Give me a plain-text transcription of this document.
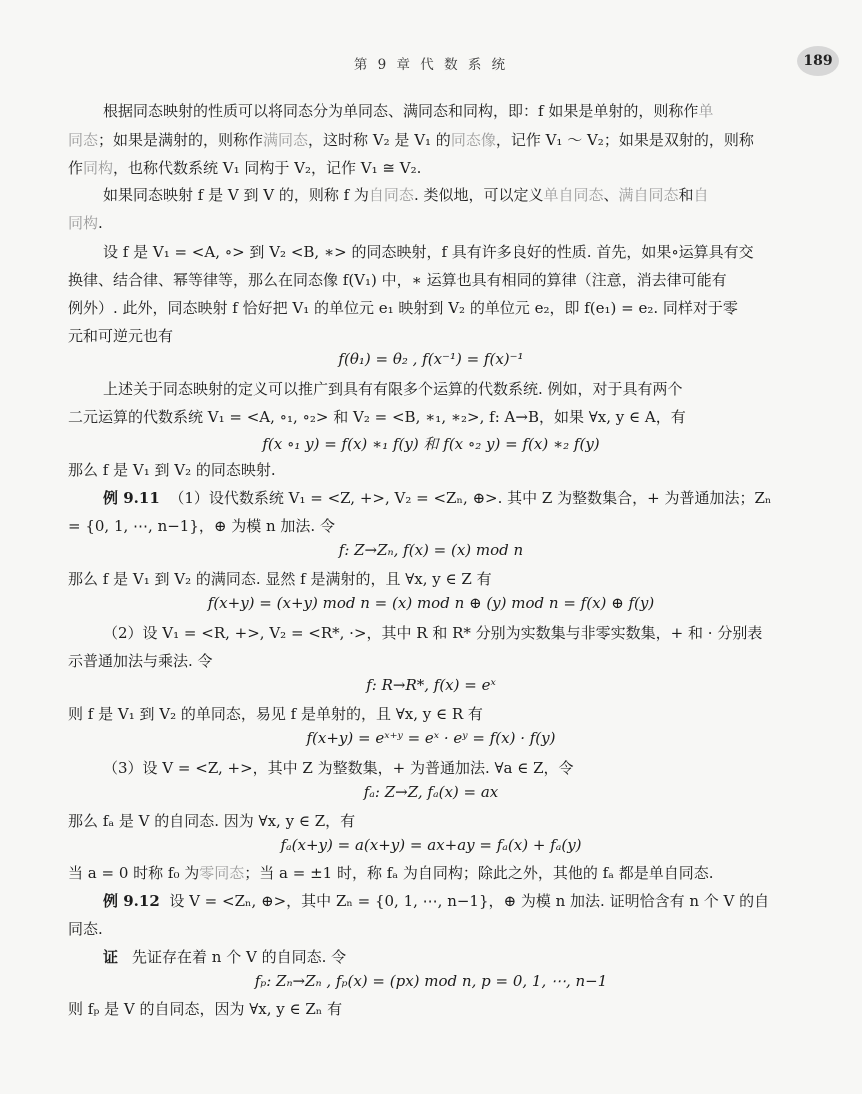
第 9 章 代 数 系 统	189
根据同态映射的性质可以将同态分为单同态、满同态和同构，即：f 如果是单射的，则称作单
同态；如果是满射的，则称作满同态，这时称 V₂ 是 V₁ 的同态像，记作 V₁ ～ V₂；如果是双射的，则称
作同构，也称代数系统 V₁ 同构于 V₂，记作 V₁ ≅ V₂.
如果同态映射 f 是 V 到 V 的，则称 f 为自同态. 类似地，可以定义单自同态、满自同态和自
同构.
设 f 是 V₁ = <A, ∘> 到 V₂ <B, ∗> 的同态映射，f 具有许多良好的性质. 首先，如果∘运算具有交
换律、结合律、幂等律等，那么在同态像 f(V₁) 中，∗ 运算也具有相同的算律（注意，消去律可能有
例外）. 此外，同态映射 f 恰好把 V₁ 的单位元 e₁ 映射到 V₂ 的单位元 e₂，即 f(e₁) = e₂. 同样对于零
元和可逆元也有
f(θ₁) = θ₂ , f(x⁻¹) = f(x)⁻¹
上述关于同态映射的定义可以推广到具有有限多个运算的代数系统. 例如，对于具有两个
二元运算的代数系统 V₁ = <A, ∘₁, ∘₂> 和 V₂ = <B, ∗₁, ∗₂>, f: A→B，如果 ∀x, y ∈ A，有
f(x ∘₁ y) = f(x) ∗₁ f(y) 和 f(x ∘₂ y) = f(x) ∗₂ f(y)
那么 f 是 V₁ 到 V₂ 的同态映射.
例 9.11 （1）设代数系统 V₁ = <Z, +>, V₂ = <Zₙ, ⊕>. 其中 Z 为整数集合，+ 为普通加法；Zₙ
= {0, 1, ⋯, n−1}，⊕ 为模 n 加法. 令
f: Z→Zₙ, f(x) = (x) mod n
那么 f 是 V₁ 到 V₂ 的满同态. 显然 f 是满射的，且 ∀x, y ∈ Z 有
f(x+y) = (x+y) mod n = (x) mod n ⊕ (y) mod n = f(x) ⊕ f(y)
（2）设 V₁ = <R, +>, V₂ = <R*, ·>，其中 R 和 R* 分别为实数集与非零实数集，+ 和 · 分别表
示普通加法与乘法. 令
f: R→R*, f(x) = eˣ
则 f 是 V₁ 到 V₂ 的单同态，易见 f 是单射的，且 ∀x, y ∈ R 有
f(x+y) = eˣ⁺ʸ = eˣ · eʸ = f(x) · f(y)
（3）设 V = <Z, +>，其中 Z 为整数集，+ 为普通加法. ∀a ∈ Z，令
fₐ: Z→Z, fₐ(x) = ax
那么 fₐ 是 V 的自同态. 因为 ∀x, y ∈ Z，有
fₐ(x+y) = a(x+y) = ax+ay = fₐ(x) + fₐ(y)
当 a = 0 时称 f₀ 为零同态；当 a = ±1 时，称 fₐ 为自同构；除此之外，其他的 fₐ 都是单自同态.
例 9.12 设 V = <Zₙ, ⊕>，其中 Zₙ = {0, 1, ⋯, n−1}，⊕ 为模 n 加法. 证明恰含有 n 个 V 的自
同态.
证 先证存在着 n 个 V 的自同态. 令
fₚ: Zₙ→Zₙ , fₚ(x) = (px) mod n, p = 0, 1, ⋯, n−1
则 fₚ 是 V 的自同态，因为 ∀x, y ∈ Zₙ 有
